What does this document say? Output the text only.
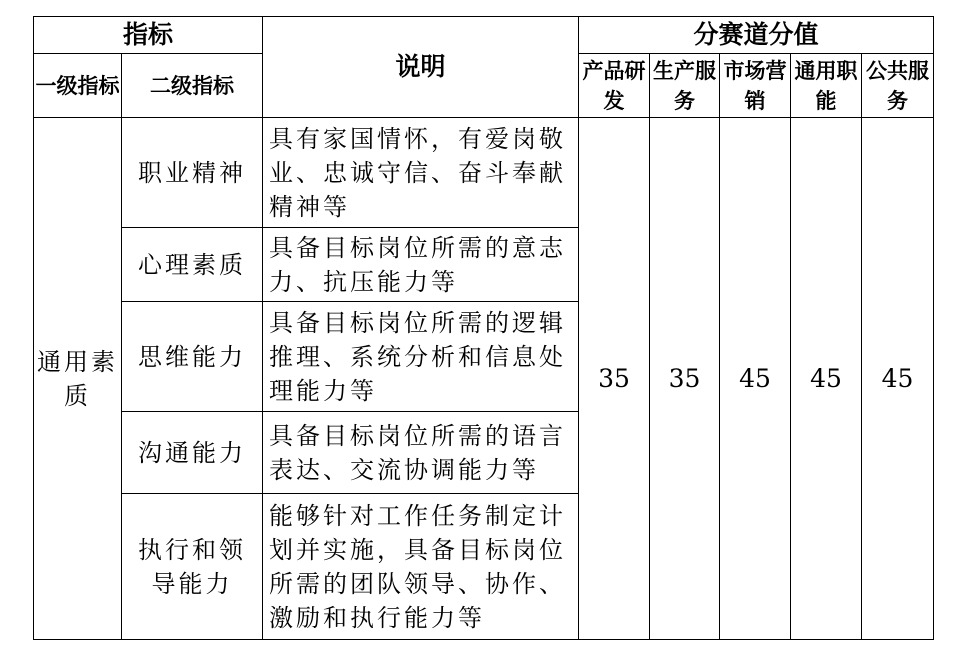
指标		说明	分赛道分值				
一级指标	二级指标		产品研发	生产服务	市场营销	通用职能	公共服务
通用素质	职业精神	具有家国情怀，有爱岗敬业、忠诚守信、奋斗奉献精神等	35	35	45	45	45
	心理素质	具备目标岗位所需的意志力、抗压能力等					
	思维能力	具备目标岗位所需的逻辑推理、系统分析和信息处理能力等					
	沟通能力	具备目标岗位所需的语言表达、交流协调能力等					
	执行和领导能力	能够针对工作任务制定计划并实施，具备目标岗位所需的团队领导、协作、激励和执行能力等					
